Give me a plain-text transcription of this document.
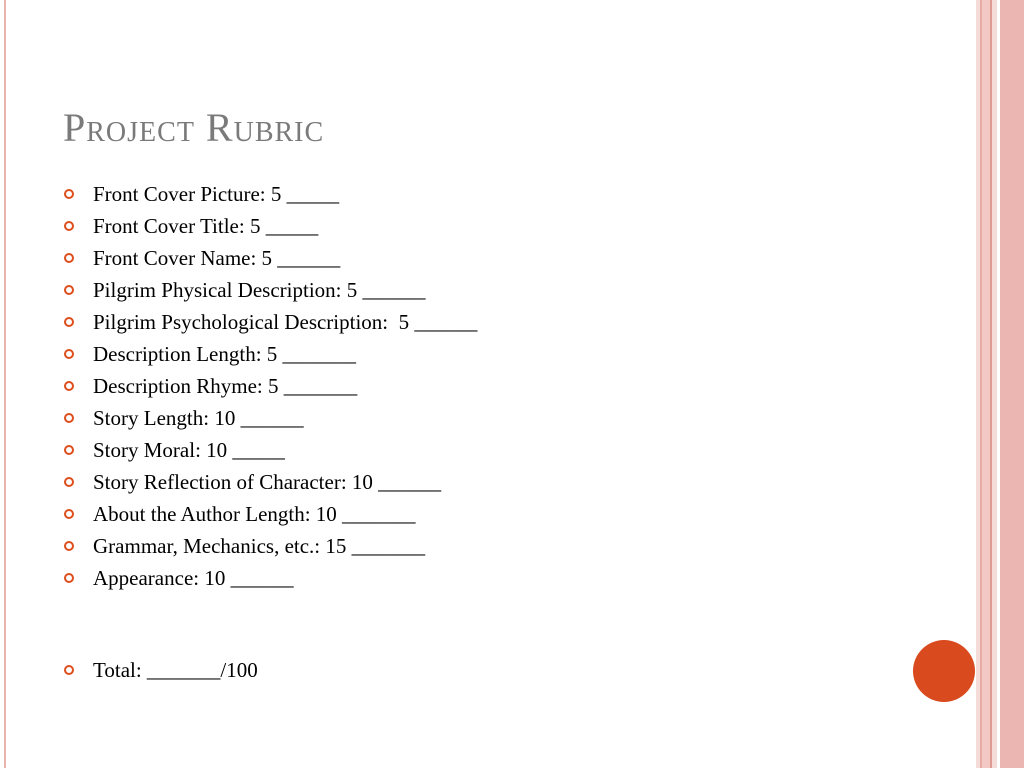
Project Rubric
Front Cover Picture: 5 _____
Front Cover Title: 5 _____
Front Cover Name: 5 ______
Pilgrim Physical Description: 5 ______
Pilgrim Psychological Description:  5 ______
Description Length: 5 _______
Description Rhyme: 5 _______
Story Length: 10 ______
Story Moral: 10 _____
Story Reflection of Character: 10 ______
About the Author Length: 10 _______
Grammar, Mechanics, etc.: 15 _______
Appearance: 10 ______
Total: _______/100
